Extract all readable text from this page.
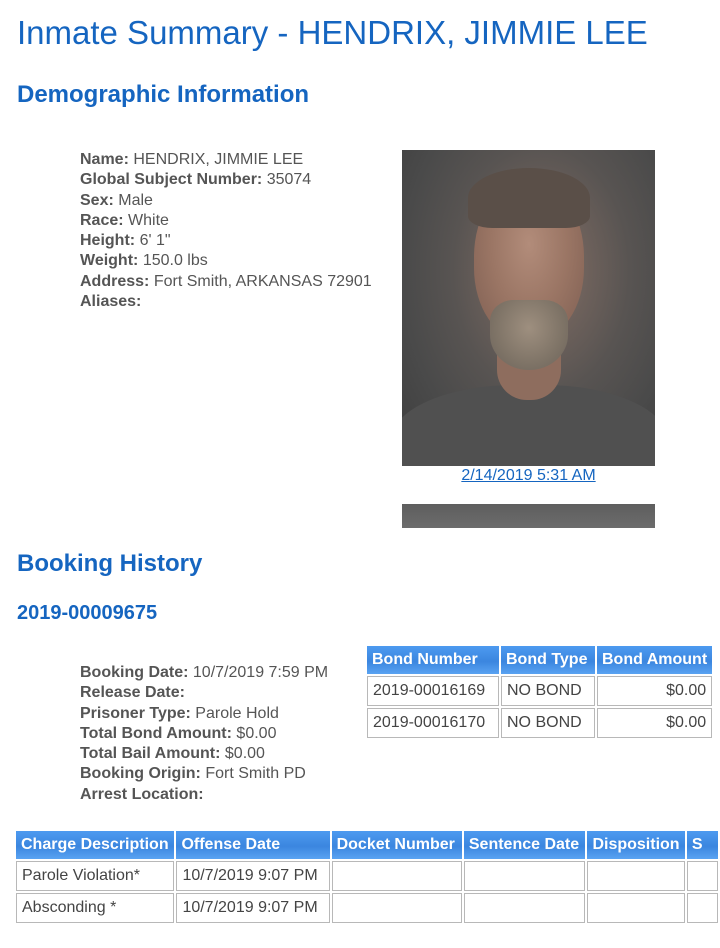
Inmate Summary - HENDRIX, JIMMIE LEE
Demographic Information
Name: HENDRIX, JIMMIE LEE
Global Subject Number: 35074
Sex: Male
Race: White
Height: 6' 1"
Weight: 150.0 lbs
Address: Fort Smith, ARKANSAS 72901
Aliases:
2/14/2019 5:31 AM
Booking History
2019-00009675
Booking Date: 10/7/2019 7:59 PM
Release Date:
Prisoner Type: Parole Hold
Total Bond Amount: $0.00
Total Bail Amount: $0.00
Booking Origin: Fort Smith PD
Arrest Location:
Bond Number	Bond Type	Bond Amount
2019-00016169	NO BOND	$0.00
2019-00016170	NO BOND	$0.00
Charge Description	Offense Date	Docket Number	Sentence Date	Disposition	S
Parole Violation*	10/7/2019 9:07 PM				
Absconding *	10/7/2019 9:07 PM				
